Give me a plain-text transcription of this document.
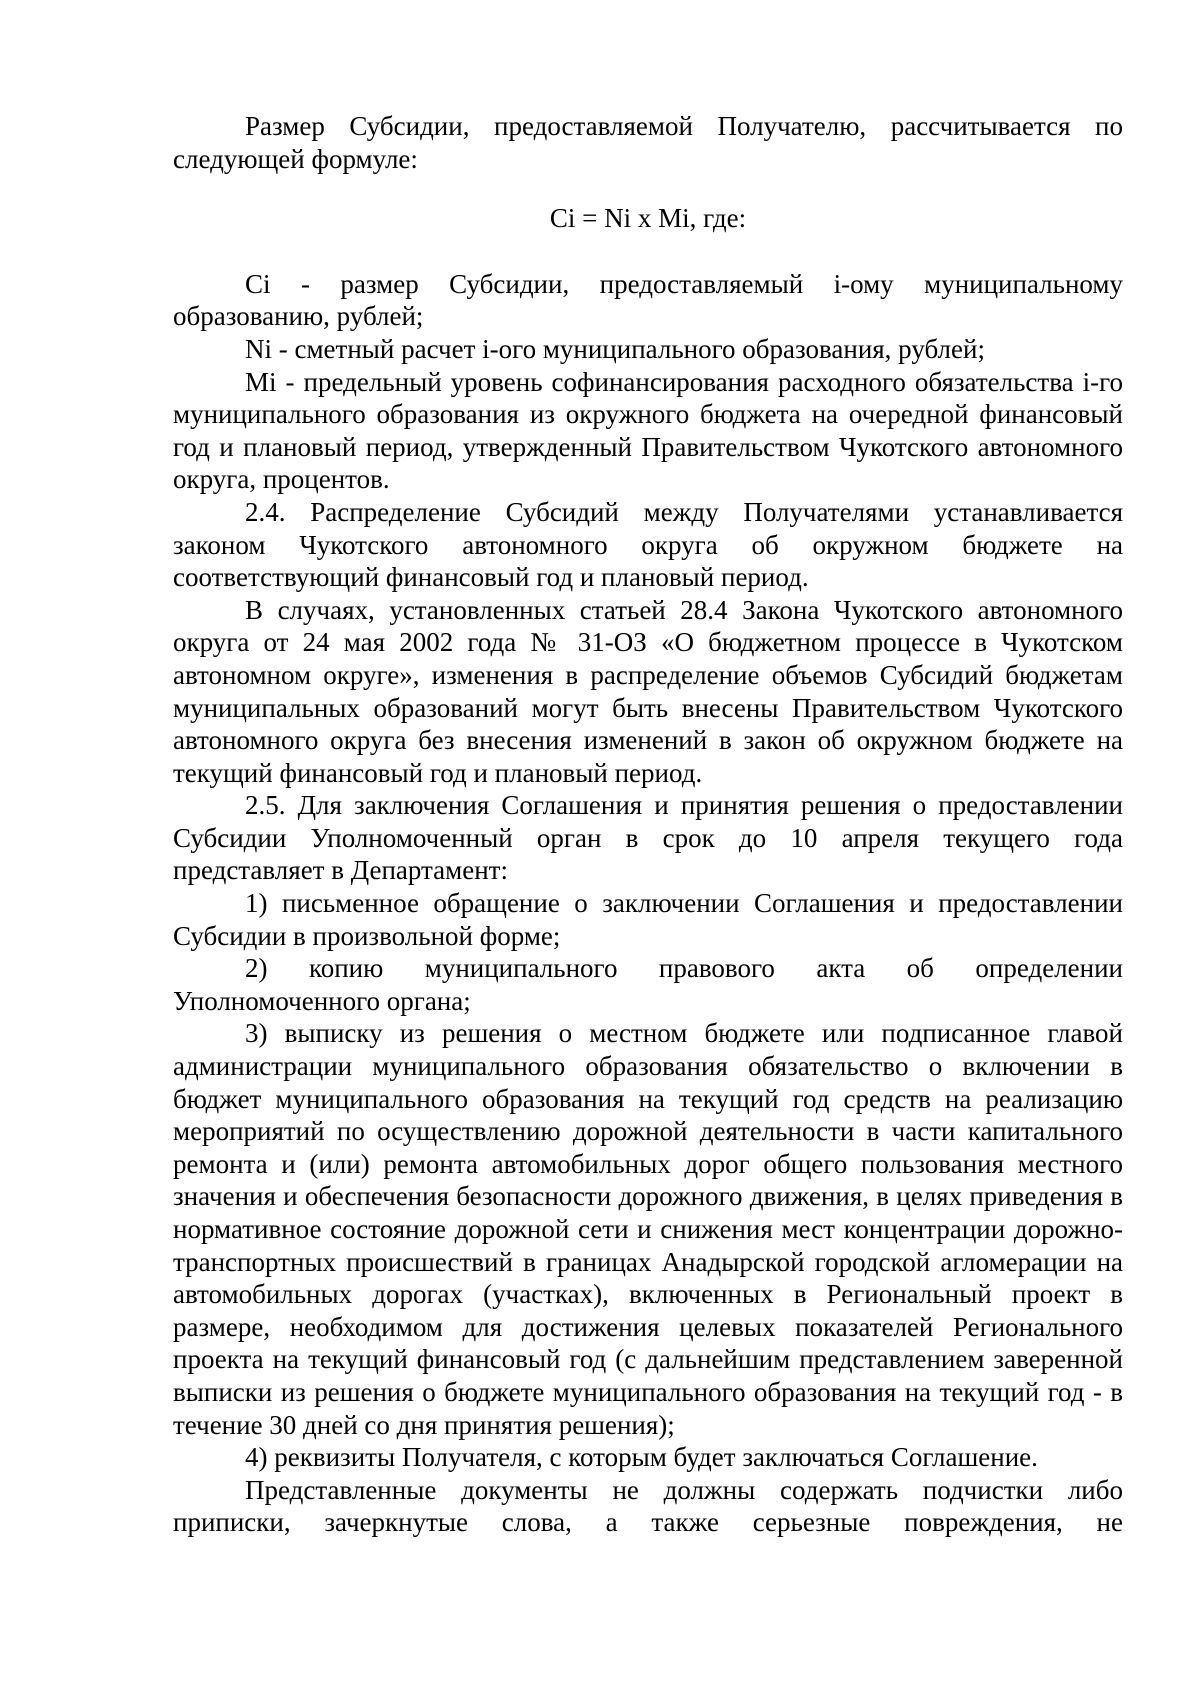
Размер Субсидии, предоставляемой Получателю, рассчитывается по следующей формуле:

Ci = Ni x Mi, где:

Ci - размер Субсидии, предоставляемый i-ому муниципальному образованию, рублей;

Ni - сметный расчет i-ого муниципального образования, рублей;

Mi - предельный уровень софинансирования расходного обязательства i-го муниципального образования из окружного бюджета на очередной финансовый год и плановый период, утвержденный Правительством Чукотского автономного округа, процентов.

2.4. Распределение Субсидий между Получателями устанавливается законом Чукотского автономного округа об окружном бюджете на соответствующий финансовый год и плановый период.

В случаях, установленных статьей 28.4 Закона Чукотского автономного округа от 24 мая 2002 года № 31-ОЗ «О бюджетном процессе в Чукотском автономном округе», изменения в распределение объемов Субсидий бюджетам муниципальных образований могут быть внесены Правительством Чукотского автономного округа без внесения изменений в закон об окружном бюджете на текущий финансовый год и плановый период.

2.5. Для заключения Соглашения и принятия решения о предоставлении Субсидии Уполномоченный орган в срок до 10 апреля текущего года представляет в Департамент:

1) письменное обращение о заключении Соглашения и предоставлении Субсидии в произвольной форме;

2) копию муниципального правового акта об определении Уполномоченного органа;

3) выписку из решения о местном бюджете или подписанное главой администрации муниципального образования обязательство о включении в бюджет муниципального образования на текущий год средств на реализацию мероприятий по осуществлению дорожной деятельности в части капитального ремонта и (или) ремонта автомобильных дорог общего пользования местного значения и обеспечения безопасности дорожного движения, в целях приведения в нормативное состояние дорожной сети и снижения мест концентрации дорожно-транспортных происшествий в границах Анадырской городской агломерации на автомобильных дорогах (участках), включенных в Региональный проект в размере, необходимом для достижения целевых показателей Регионального проекта на текущий финансовый год (с дальнейшим представлением заверенной выписки из решения о бюджете муниципального образования на текущий год - в течение 30 дней со дня принятия решения);

4) реквизиты Получателя, с которым будет заключаться Соглашение.

Представленные документы не должны содержать подчистки либо приписки, зачеркнутые слова, а также серьезные повреждения, не
